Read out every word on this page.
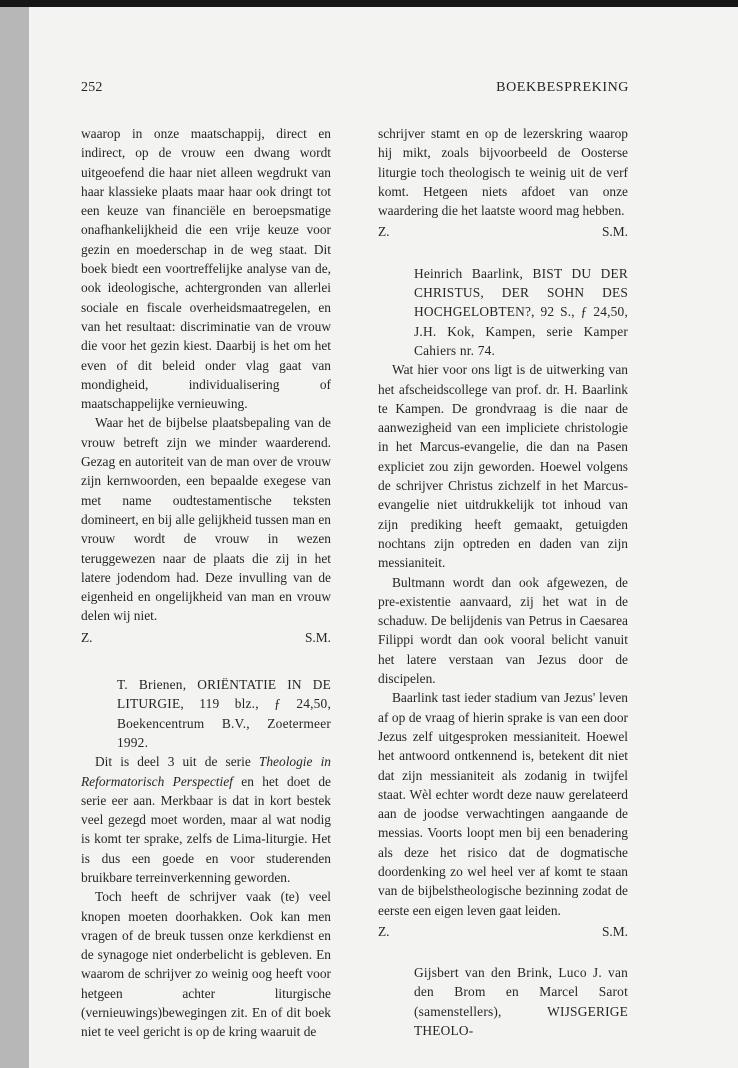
252	BOEKBESPREKING

waarop in onze maatschappij, direct en indirect, op de vrouw een dwang wordt uitgeoefend die haar niet alleen wegdrukt van haar klassieke plaats maar haar ook dringt tot een keuze van financiële en beroepsmatige onafhankelijkheid die een vrije keuze voor gezin en moederschap in de weg staat. Dit boek biedt een voortreffelijke analyse van de, ook ideologische, achtergronden van allerlei sociale en fiscale overheidsmaatregelen, en van het resultaat: discriminatie van de vrouw die voor het gezin kiest. Daarbij is het om het even of dit beleid onder vlag gaat van mondigheid, individualisering of maatschappelijke vernieuwing.

Waar het de bijbelse plaatsbepaling van de vrouw betreft zijn we minder waarderend. Gezag en autoriteit van de man over de vrouw zijn kernwoorden, een bepaalde exegese van met name oudtestamentische teksten domineert, en bij alle gelijkheid tussen man en vrouw wordt de vrouw in wezen teruggewezen naar de plaats die zij in het latere jodendom had. Deze invulling van de eigenheid en ongelijkheid van man en vrouw delen wij niet.

Z.	S.M.

T. Brienen, ORIËNTATIE IN DE LITURGIE, 119 blz., ƒ 24,50, Boekencentrum B.V., Zoetermeer 1992.

Dit is deel 3 uit de serie Theologie in Reformatorisch Perspectief en het doet de serie eer aan. Merkbaar is dat in kort bestek veel gezegd moet worden, maar al wat nodig is komt ter sprake, zelfs de Lima-liturgie. Het is dus een goede en voor studerenden bruikbare terreinverkenning geworden.

Toch heeft de schrijver vaak (te) veel knopen moeten doorhakken. Ook kan men vragen of de breuk tussen onze kerkdienst en de synagoge niet onderbelicht is gebleven. En waarom de schrijver zo weinig oog heeft voor hetgeen achter liturgische (vernieuwings)bewegingen zit. En of dit boek niet te veel gericht is op de kring waaruit de

schrijver stamt en op de lezerskring waarop hij mikt, zoals bijvoorbeeld de Oosterse liturgie toch theologisch te weinig uit de verf komt. Hetgeen niets afdoet van onze waardering die het laatste woord mag hebben.

Z.	S.M.

Heinrich Baarlink, BIST DU DER CHRISTUS, DER SOHN DES HOCHGELOBTEN?, 92 S., ƒ 24,50, J.H. Kok, Kampen, serie Kamper Cahiers nr. 74.

Wat hier voor ons ligt is de uitwerking van het afscheidscollege van prof. dr. H. Baarlink te Kampen. De grondvraag is die naar de aanwezigheid van een impliciete christologie in het Marcus-evangelie, die dan na Pasen expliciet zou zijn geworden. Hoewel volgens de schrijver Christus zichzelf in het Marcus-evangelie niet uitdrukkelijk tot inhoud van zijn prediking heeft gemaakt, getuigden nochtans zijn optreden en daden van zijn messianiteit.

Bultmann wordt dan ook afgewezen, de pre-existentie aanvaard, zij het wat in de schaduw. De belijdenis van Petrus in Caesarea Filippi wordt dan ook vooral belicht vanuit het latere verstaan van Jezus door de discipelen.

Baarlink tast ieder stadium van Jezus' leven af op de vraag of hierin sprake is van een door Jezus zelf uitgesproken messianiteit. Hoewel het antwoord ontkennend is, betekent dit niet dat zijn messianiteit als zodanig in twijfel staat. Wèl echter wordt deze nauw gerelateerd aan de joodse verwachtingen aangaande de messias. Voorts loopt men bij een benadering als deze het risico dat de dogmatische doordenking zo wel heel ver af komt te staan van de bijbelstheologische bezinning zodat de eerste een eigen leven gaat leiden.

Z.	S.M.

Gijsbert van den Brink, Luco J. van den Brom en Marcel Sarot (samenstellers), WIJSGERIGE THEOLO-
